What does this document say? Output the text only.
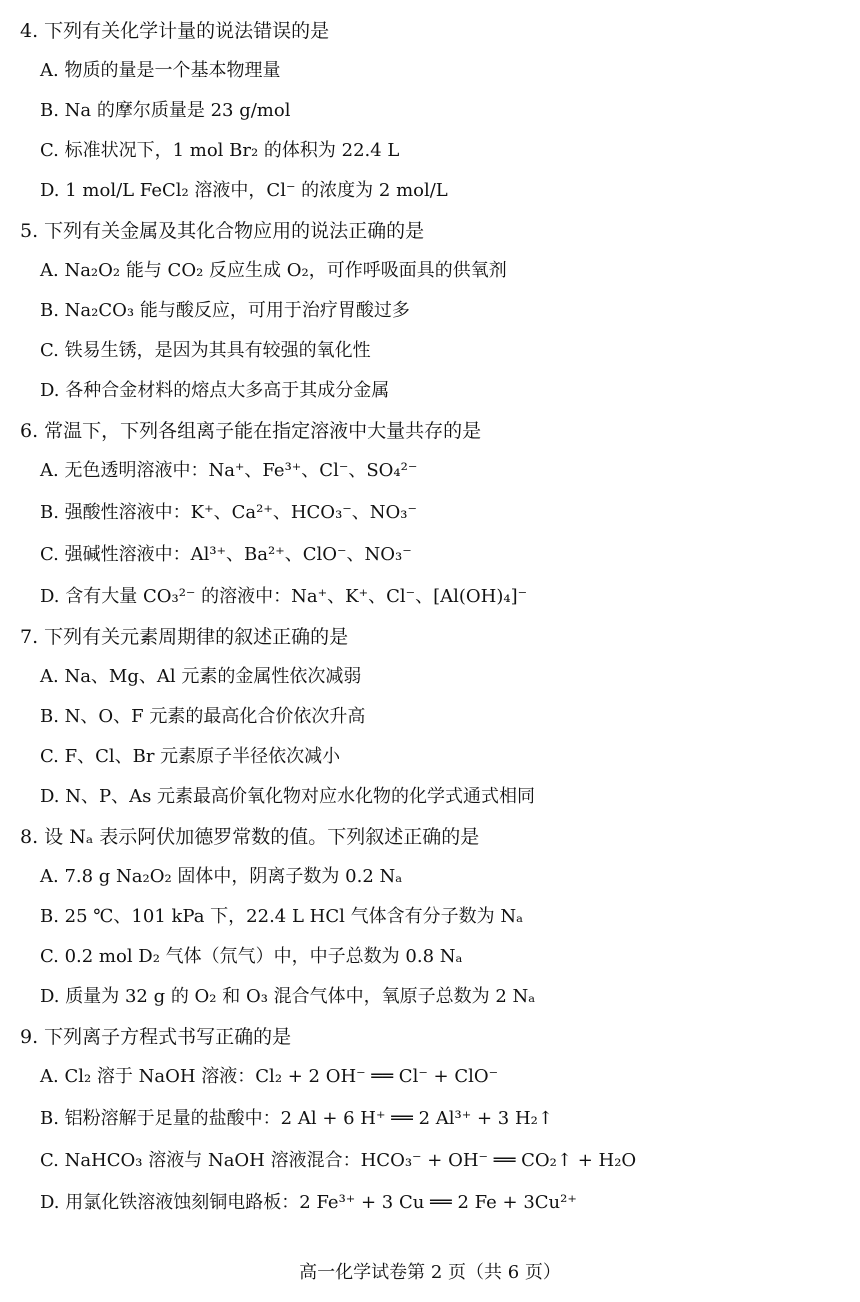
4. 下列有关化学计量的说法错误的是
A. 物质的量是一个基本物理量
B. Na 的摩尔质量是 23 g/mol
C. 标准状况下，1 mol Br₂ 的体积为 22.4 L
D. 1 mol/L FeCl₂ 溶液中，Cl⁻ 的浓度为 2 mol/L
5. 下列有关金属及其化合物应用的说法正确的是
A. Na₂O₂ 能与 CO₂ 反应生成 O₂，可作呼吸面具的供氧剂
B. Na₂CO₃ 能与酸反应，可用于治疗胃酸过多
C. 铁易生锈，是因为其具有较强的氧化性
D. 各种合金材料的熔点大多高于其成分金属
6. 常温下，下列各组离子能在指定溶液中大量共存的是
A. 无色透明溶液中：Na⁺、Fe³⁺、Cl⁻、SO₄²⁻
B. 强酸性溶液中：K⁺、Ca²⁺、HCO₃⁻、NO₃⁻
C. 强碱性溶液中：Al³⁺、Ba²⁺、ClO⁻、NO₃⁻
D. 含有大量 CO₃²⁻ 的溶液中：Na⁺、K⁺、Cl⁻、[Al(OH)₄]⁻
7. 下列有关元素周期律的叙述正确的是
A. Na、Mg、Al 元素的金属性依次减弱
B. N、O、F 元素的最高化合价依次升高
C. F、Cl、Br 元素原子半径依次减小
D. N、P、As 元素最高价氧化物对应水化物的化学式通式相同
8. 设 Nₐ 表示阿伏加德罗常数的值。下列叙述正确的是
A. 7.8 g Na₂O₂ 固体中，阴离子数为 0.2 Nₐ
B. 25 ℃、101 kPa 下，22.4 L HCl 气体含有分子数为 Nₐ
C. 0.2 mol D₂ 气体（氘气）中，中子总数为 0.8 Nₐ
D. 质量为 32 g 的 O₂ 和 O₃ 混合气体中，氧原子总数为 2 Nₐ
9. 下列离子方程式书写正确的是
A. Cl₂ 溶于 NaOH 溶液：Cl₂ + 2 OH⁻ ══ Cl⁻ + ClO⁻
B. 铝粉溶解于足量的盐酸中：2 Al + 6 H⁺ ══ 2 Al³⁺ + 3 H₂↑
C. NaHCO₃ 溶液与 NaOH 溶液混合：HCO₃⁻ + OH⁻ ══ CO₂↑ + H₂O
D. 用氯化铁溶液蚀刻铜电路板：2 Fe³⁺ + 3 Cu ══ 2 Fe + 3Cu²⁺
高一化学试卷第 2 页（共 6 页）
